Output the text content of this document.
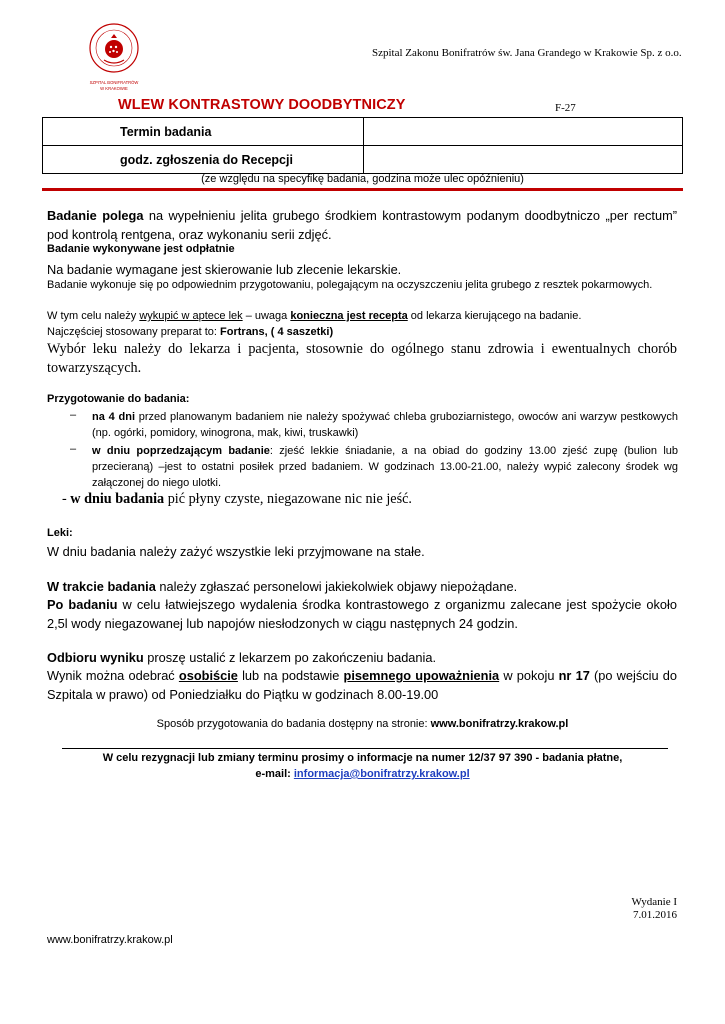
SZPITAL BONIFRATRÓW
W KRAKOWIE
Szpital Zakonu Bonifratrów św. Jana Grandego w Krakowie Sp. z o.o.
WLEW KONTRASTOWY DOODBYTNICZY	F-27
Termin badania	
godz. zgłoszenia do Recepcji	
(ze względu na specyfikę badania, godzina może ulec opóźnieniu)
Badanie polega na wypełnieniu jelita grubego środkiem kontrastowym podanym doodbytniczo „per rectum” pod kontrolą rentgena, oraz wykonaniu serii zdjęć.
Badanie wykonywane jest odpłatnie
Na badanie wymagane jest skierowanie lub zlecenie lekarskie.
Badanie wykonuje się po odpowiednim przygotowaniu, polegającym na oczyszczeniu jelita grubego z resztek pokarmowych.
W tym celu należy wykupić w aptece lek – uwaga konieczna jest recepta od lekarza kierującego na badanie.
Najczęściej stosowany preparat to: Fortrans, ( 4 saszetki)
Wybór leku należy do lekarza i pacjenta, stosownie do ogólnego stanu zdrowia i ewentualnych chorób towarzyszących.
Przygotowanie do badania:
– na 4 dni przed planowanym badaniem nie należy spożywać chleba gruboziarnistego, owoców ani warzyw pestkowych (np. ogórki, pomidory, winogrona, mak, kiwi, truskawki)
– w dniu poprzedzającym badanie: zjeść lekkie śniadanie, a na obiad do godziny 13.00 zjeść zupę (bulion lub przecieraną) –jest to ostatni posiłek przed badaniem. W godzinach 13.00-21.00, należy wypić zalecony środek wg załączonej do niego ulotki.
- w dniu badania pić płyny czyste, niegazowane nic nie jeść.
Leki:
W dniu badania należy zażyć wszystkie leki przyjmowane na stałe.
W trakcie badania należy zgłaszać personelowi jakiekolwiek objawy niepożądane.
Po badaniu w celu łatwiejszego wydalenia środka kontrastowego z organizmu zalecane jest spożycie około 2,5l wody niegazowanej lub napojów niesłodzonych w ciągu następnych 24 godzin.
Odbioru wyniku proszę ustalić z lekarzem po zakończeniu badania.
Wynik można odebrać osobiście lub na podstawie pisemnego upoważnienia w pokoju nr 17 (po wejściu do Szpitala w prawo) od Poniedziałku do Piątku w godzinach 8.00-19.00
Sposób przygotowania do badania dostępny na stronie: www.bonifratrzy.krakow.pl
W celu rezygnacji lub zmiany terminu prosimy o informacje na numer 12/37 97 390 - badania płatne,
e-mail: informacja@bonifratrzy.krakow.pl
Wydanie I
7.01.2016
www.bonifratrzy.krakow.pl
